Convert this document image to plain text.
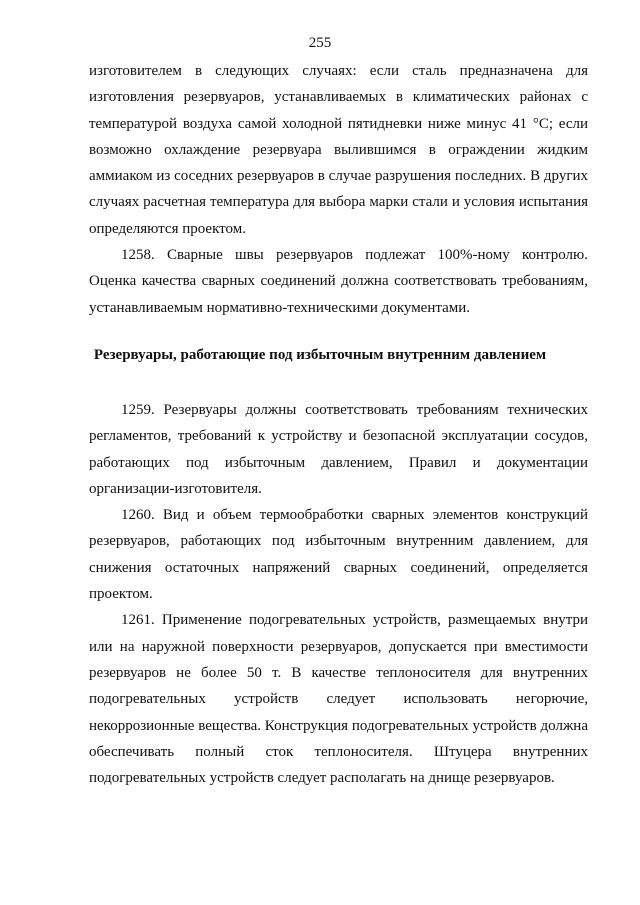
255

изготовителем в следующих случаях: если сталь предназначена для изготовления резервуаров, устанавливаемых в климатических районах с температурой воздуха самой холодной пятидневки ниже минус 41 °С; если возможно охлаждение резервуара вылившимся в ограждении жидким аммиаком из соседних резервуаров в случае разрушения последних. В других случаях расчетная температура для выбора марки стали и условия испытания определяются проектом.

1258. Сварные швы резервуаров подлежат 100%-ному контролю. Оценка качества сварных соединений должна соответствовать требованиям, устанавливаемым нормативно-техническими документами.

Резервуары, работающие под избыточным внутренним давлением

1259. Резервуары должны соответствовать требованиям технических регламентов, требований к устройству и безопасной эксплуатации сосудов, работающих под избыточным давлением, Правил и документации организации-изготовителя.

1260. Вид и объем термообработки сварных элементов конструкций резервуаров, работающих под избыточным внутренним давлением, для снижения остаточных напряжений сварных соединений, определяется проектом.

1261. Применение подогревательных устройств, размещаемых внутри или на наружной поверхности резервуаров, допускается при вместимости резервуаров не более 50 т. В качестве теплоносителя для внутренних подогревательных устройств следует использовать негорючие, некоррозионные вещества. Конструкция подогревательных устройств должна обеспечивать полный сток теплоносителя. Штуцера внутренних подогревательных устройств следует располагать на днище резервуаров.
